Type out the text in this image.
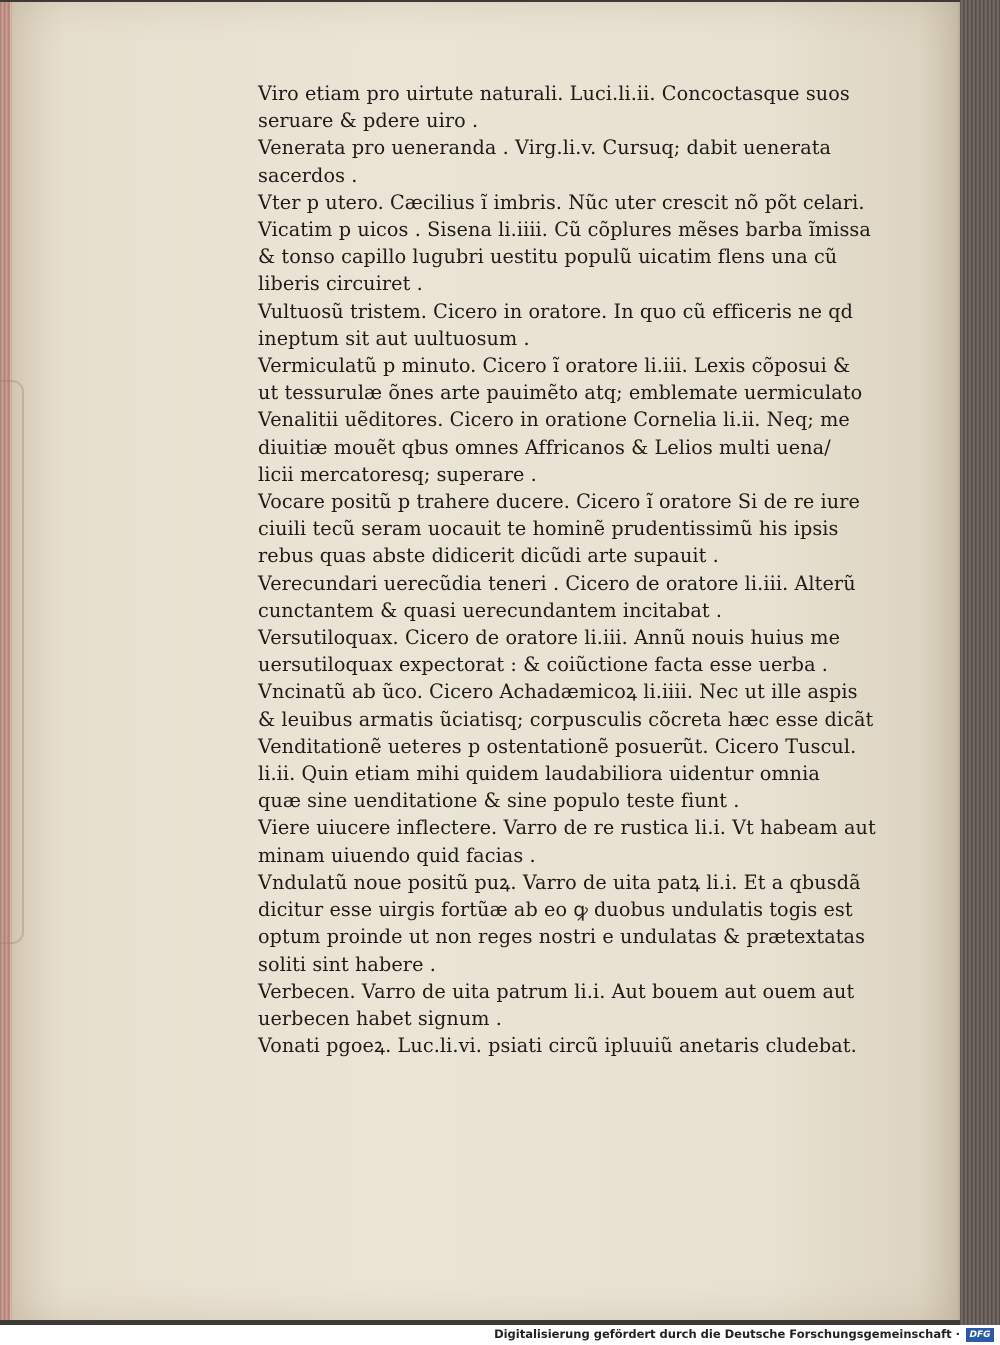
Viro etiam pro uirtute naturali. Luci.li.ii. Concoctasque suos
seruare & pdere uiro .

Venerata pro ueneranda . Virg.li.v. Cursuq; dabit uenerata
sacerdos .

Vter p utero. Cæcilius ĩ imbris. Nũc uter crescit nõ põt celari.

Vicatim p uicos . Sisena li.iiii. Cũ cõplures mẽses barba ĩmissa
& tonso capillo lugubri uestitu populũ uicatim flens una cũ
liberis circuiret .

Vultuosũ tristem. Cicero in oratore. In quo cũ efficeris ne qd
ineptum sit aut uultuosum .

Vermiculatũ p minuto. Cicero ĩ oratore li.iii. Lexis cõposui &
ut tessurulæ õnes arte pauimẽto atq; emblemate uermiculato

Venalitii uẽditores. Cicero in oratione Cornelia li.ii. Neq; me
diuitiæ mouẽt qbus omnes Affricanos & Lelios multi uena/
licii mercatoresq; superare .

Vocare positũ p trahere ducere. Cicero ĩ oratore Si de re iure
ciuili tecũ seram uocauit te hominẽ prudentissimũ his ipsis
rebus quas abste didicerit dicũdi arte supauit .

Verecundari uerecũdia teneri . Cicero de oratore li.iii. Alterũ
cunctantem & quasi uerecundantem incitabat .

Versutiloquax. Cicero de oratore li.iii. Annũ nouis huius me
uersutiloquax expectorat : & coiũctione facta esse uerba .

Vncinatũ ab ũco. Cicero Achadæmicoꝝ li.iiii. Nec ut ille aspis
& leuibus armatis ũciatisq; corpusculis cõcreta hæc esse dicãt

Venditationẽ ueteres p ostentationẽ posuerũt. Cicero Tuscul.
li.ii. Quin etiam mihi quidem laudabiliora uidentur omnia
quæ sine uenditatione & sine populo teste fiunt .

Viere uiucere inflectere. Varro de re rustica li.i. Vt habeam aut
minam uiuendo quid facias .

Vndulatũ noue positũ puꝝ. Varro de uita patꝝ li.i. Et a qbusdã
dicitur esse uirgis fortũæ ab eo ꝙ duobus undulatis togis est
optum proinde ut non reges nostri e undulatas & prætextatas
soliti sint habere .

Verbecen. Varro de uita patrum li.i. Aut bouem aut ouem aut
uerbecen habet signum .

Vonati pgoeꝝ. Luc.li.vi. psi̇ati circũ ipluuiũ anetaris cludebat.

Digitalisierung gefördert durch die Deutsche Forschungsgemeinschaft ·	DFG
